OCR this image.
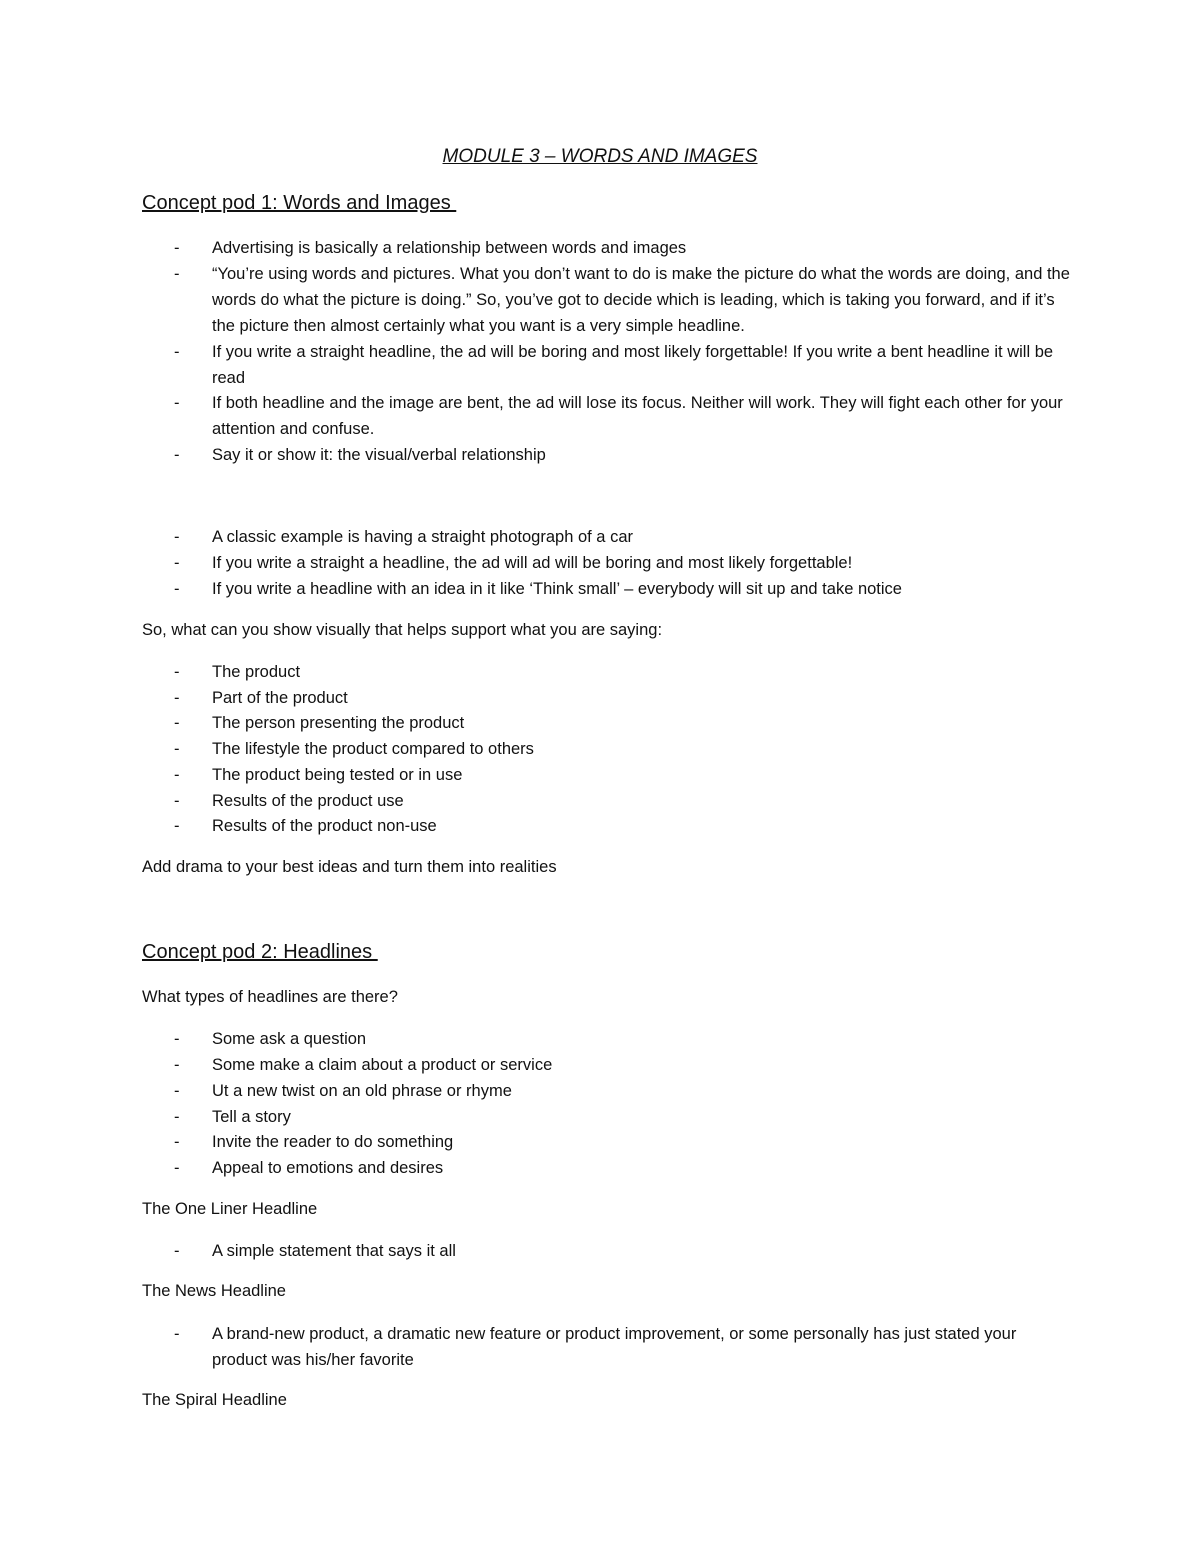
MODULE 3 – WORDS AND IMAGES
Concept pod 1: Words and Images
- Advertising is basically a relationship between words and images
- “You’re using words and pictures. What you don’t want to do is make the picture do what the words are doing, and the words do what the picture is doing.” So, you’ve got to decide which is leading, which is taking you forward, and if it’s the picture then almost certainly what you want is a very simple headline.
- If you write a straight headline, the ad will be boring and most likely forgettable! If you write a bent headline it will be read
- If both headline and the image are bent, the ad will lose its focus. Neither will work. They will fight each other for your attention and confuse.
- Say it or show it: the visual/verbal relationship
- A classic example is having a straight photograph of a car
- If you write a straight a headline, the ad will ad will be boring and most likely forgettable!
- If you write a headline with an idea in it like ‘Think small’ – everybody will sit up and take notice
So, what can you show visually that helps support what you are saying:
- The product
- Part of the product
- The person presenting the product
- The lifestyle the product compared to others
- The product being tested or in use
- Results of the product use
- Results of the product non-use
Add drama to your best ideas and turn them into realities
Concept pod 2: Headlines
What types of headlines are there?
- Some ask a question
- Some make a claim about a product or service
- Ut a new twist on an old phrase or rhyme
- Tell a story
- Invite the reader to do something
- Appeal to emotions and desires
The One Liner Headline
- A simple statement that says it all
The News Headline
- A brand-new product, a dramatic new feature or product improvement, or some personally has just stated your product was his/her favorite
The Spiral Headline
